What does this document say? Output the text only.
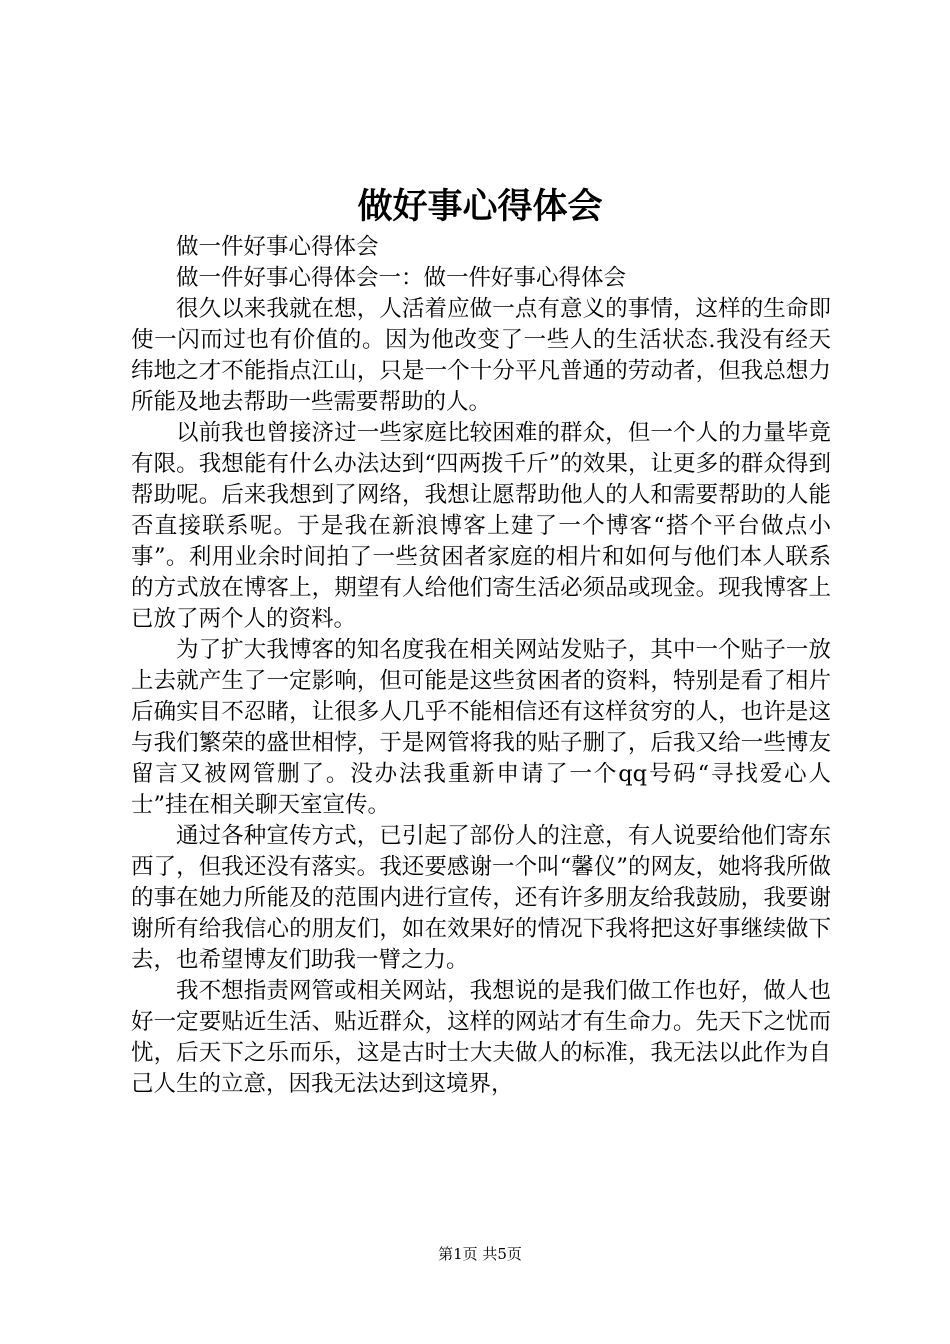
做好事心得体会

做一件好事心得体会

做一件好事心得体会一：做一件好事心得体会

很久以来我就在想，人活着应做一点有意义的事情，这样的生命即使一闪而过也有价值的。因为他改变了一些人的生活状态.我没有经天纬地之才不能指点江山，只是一个十分平凡普通的劳动者，但我总想力所能及地去帮助一些需要帮助的人。

以前我也曾接济过一些家庭比较困难的群众，但一个人的力量毕竟有限。我想能有什么办法达到“四两拨千斤”的效果，让更多的群众得到帮助呢。后来我想到了网络，我想让愿帮助他人的人和需要帮助的人能否直接联系呢。于是我在新浪博客上建了一个博客“搭个平台做点小事”。利用业余时间拍了一些贫困者家庭的相片和如何与他们本人联系的方式放在博客上，期望有人给他们寄生活必须品或现金。现我博客上已放了两个人的资料。

为了扩大我博客的知名度我在相关网站发贴子，其中一个贴子一放上去就产生了一定影响，但可能是这些贫困者的资料，特别是看了相片后确实目不忍睹，让很多人几乎不能相信还有这样贫穷的人，也许是这与我们繁荣的盛世相悖，于是网管将我的贴子删了，后我又给一些博友留言又被网管删了。没办法我重新申请了一个qq号码“寻找爱心人士”挂在相关聊天室宣传。

通过各种宣传方式，已引起了部份人的注意，有人说要给他们寄东西了，但我还没有落实。我还要感谢一个叫“馨仪”的网友，她将我所做的事在她力所能及的范围内进行宣传，还有许多朋友给我鼓励，我要谢谢所有给我信心的朋友们，如在效果好的情况下我将把这好事继续做下去，也希望博友们助我一臂之力。

我不想指责网管或相关网站，我想说的是我们做工作也好，做人也好一定要贴近生活、贴近群众，这样的网站才有生命力。先天下之忧而忧，后天下之乐而乐，这是古时士大夫做人的标准，我无法以此作为自己人生的立意，因我无法达到这境界，

第1页 共5页
